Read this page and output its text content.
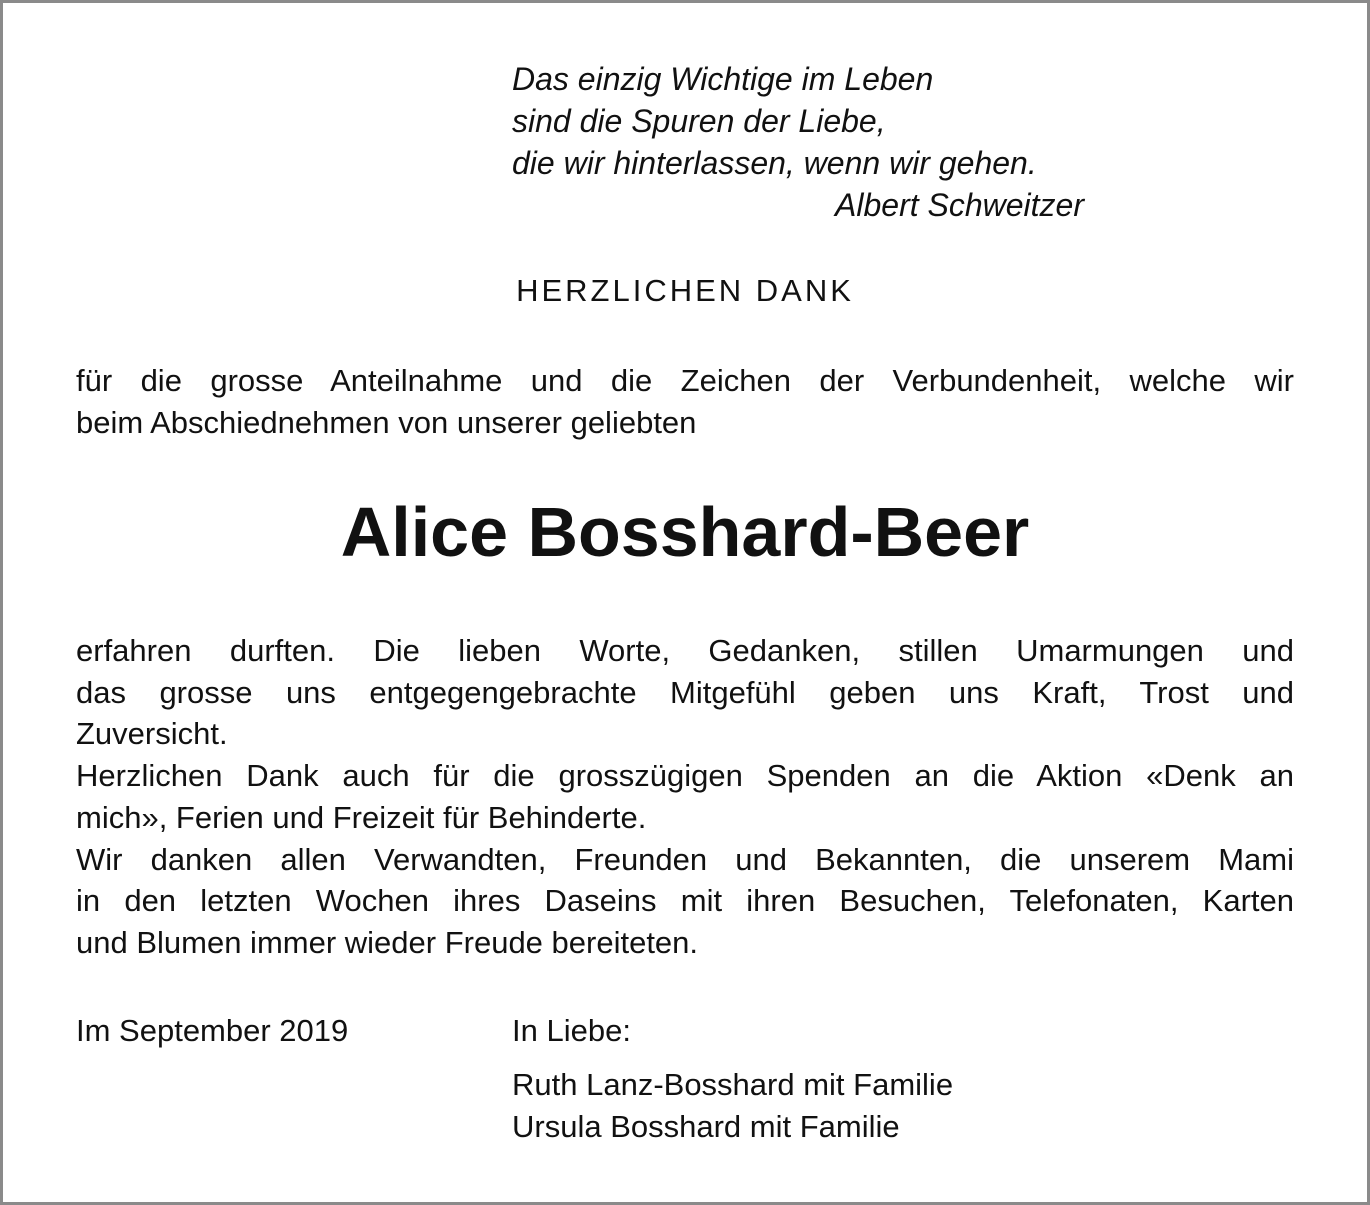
Das einzig Wichtige im Leben
sind die Spuren der Liebe,
die wir hinterlassen, wenn wir gehen.
Albert Schweitzer
HERZLICHEN DANK
für die grosse Anteilnahme und die Zeichen der Verbundenheit, welche wir
beim Abschiednehmen von unserer geliebten
Alice Bosshard-Beer
erfahren durften. Die lieben Worte, Gedanken, stillen Umarmungen und
das grosse uns entgegengebrachte Mitgefühl geben uns Kraft, Trost und
Zuversicht.
Herzlichen Dank auch für die grosszügigen Spenden an die Aktion «Denk an
mich», Ferien und Freizeit für Behinderte.
Wir danken allen Verwandten, Freunden und Bekannten, die unserem Mami
in den letzten Wochen ihres Daseins mit ihren Besuchen, Telefonaten, Karten
und Blumen immer wieder Freude bereiteten.
Im September 2019	In Liebe:
Ruth Lanz-Bosshard mit Familie
Ursula Bosshard mit Familie
